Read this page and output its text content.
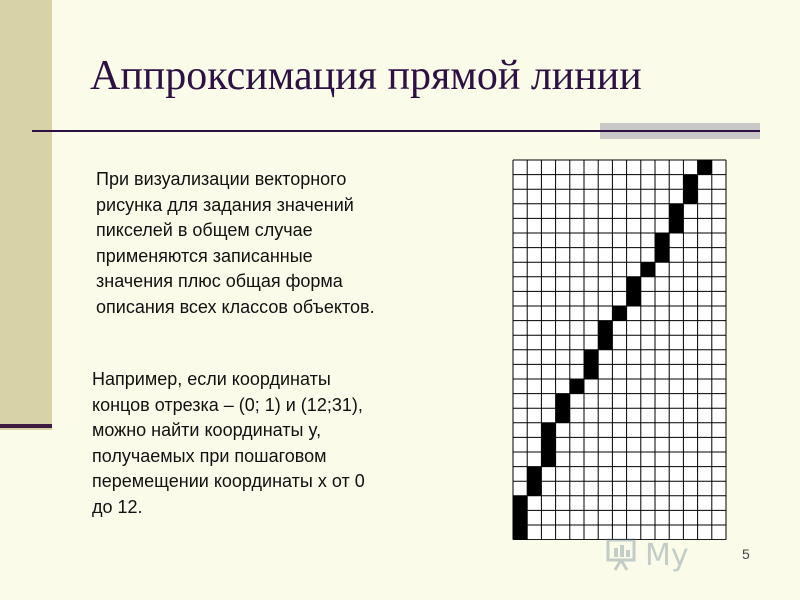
Аппроксимация прямой линии

При визуализации векторного
рисунка для задания значений
пикселей в общем случае
применяются записанные
значения плюс общая форма
описания всех классов объектов.

Например, если координаты
концов отрезка – (0; 1) и (12;31),
можно найти координаты y,
получаемых при пошаговом
перемещении координаты x от 0
до 12.

My	5
